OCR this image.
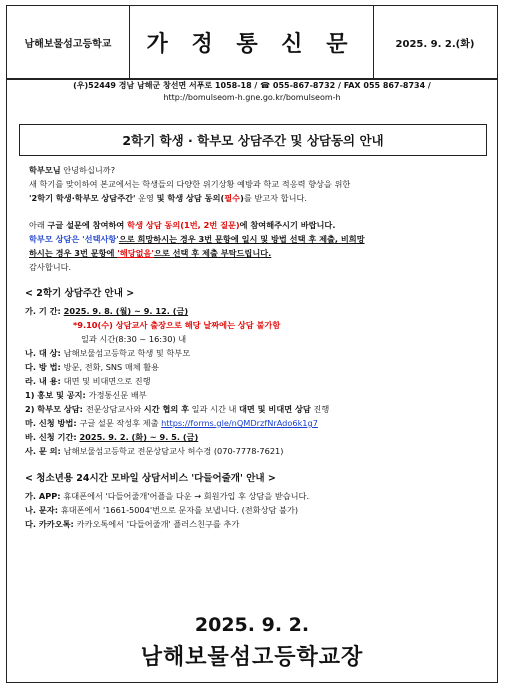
남해보물섬고등학교	가 정 통 신 문	2025. 9. 2.(화)
(우)52449 경남 남해군 창선면 서푸로 1058-18 / ☎ 055-867-8732 / FAX 055 867-8734 /
http://bomulseom-h.gne.go.kr/bomulseom-h
2학기 학생 · 학부모 상담주간 및 상담동의 안내
학부모님 안녕하십니까?
새 학기를 맞이하여 본교에서는 학생들의 다양한 위기상황 예방과 학교 적응력 향상을 위한
'2학기 학생·학부모 상담주간' 운영 및 학생 상담 동의(필수)를 받고자 합니다.
아래 구글 설문에 참여하여 학생 상담 동의(1번, 2번 질문)에 참여해주시기 바랍니다.
학부모 상담은 '선택사항'으로 희망하시는 경우 3번 문항에 일시 및 방법 선택 후 제출, 비희망
하시는 경우 3번 문항에 '해당없음'으로 선택 후 제출 부탁드립니다.
감사합니다.
< 2학기 상담주간 안내 >
가. 기 간: 2025. 9. 8. (월) ~ 9. 12. (금)
*9.10(수) 상담교사 출장으로 해당 날짜에는 상담 불가함
일과 시간(8:30 ~ 16:30) 내
나. 대 상: 남해보물섬고등학교 학생 및 학부모
다. 방 법: 방문, 전화, SNS 매체 활용
라. 내 용: 대면 및 비대면으로 진행
1) 홍보 및 공지: 가정통신문 배부
2) 학부모 상담: 전문상담교사와 시간 협의 후 일과 시간 내 대면 및 비대면 상담 진행
마. 신청 방법: 구글 설문 작성후 제출 https://forms.gle/nQMDrzfNrAdo6k1g7
바. 신청 기간: 2025. 9. 2. (화) ~ 9. 5. (금)
사. 문 의: 남해보물섬고등학교 전문상담교사 허수경 (070-7778-7621)
< 청소년용 24시간 모바일 상담서비스 '다들어줄개' 안내 >
가. APP: 휴대폰에서 '다들어줄개'어플을 다운 → 회원가입 후 상담을 받습니다.
나. 문자: 휴대폰에서 '1661-5004'번으로 문자를 보냅니다. (전화상담 불가)
다. 카카오톡: 카카오톡에서 '다들어줄개' 플러스친구를 추가
2025. 9. 2.
남해보물섬고등학교장
